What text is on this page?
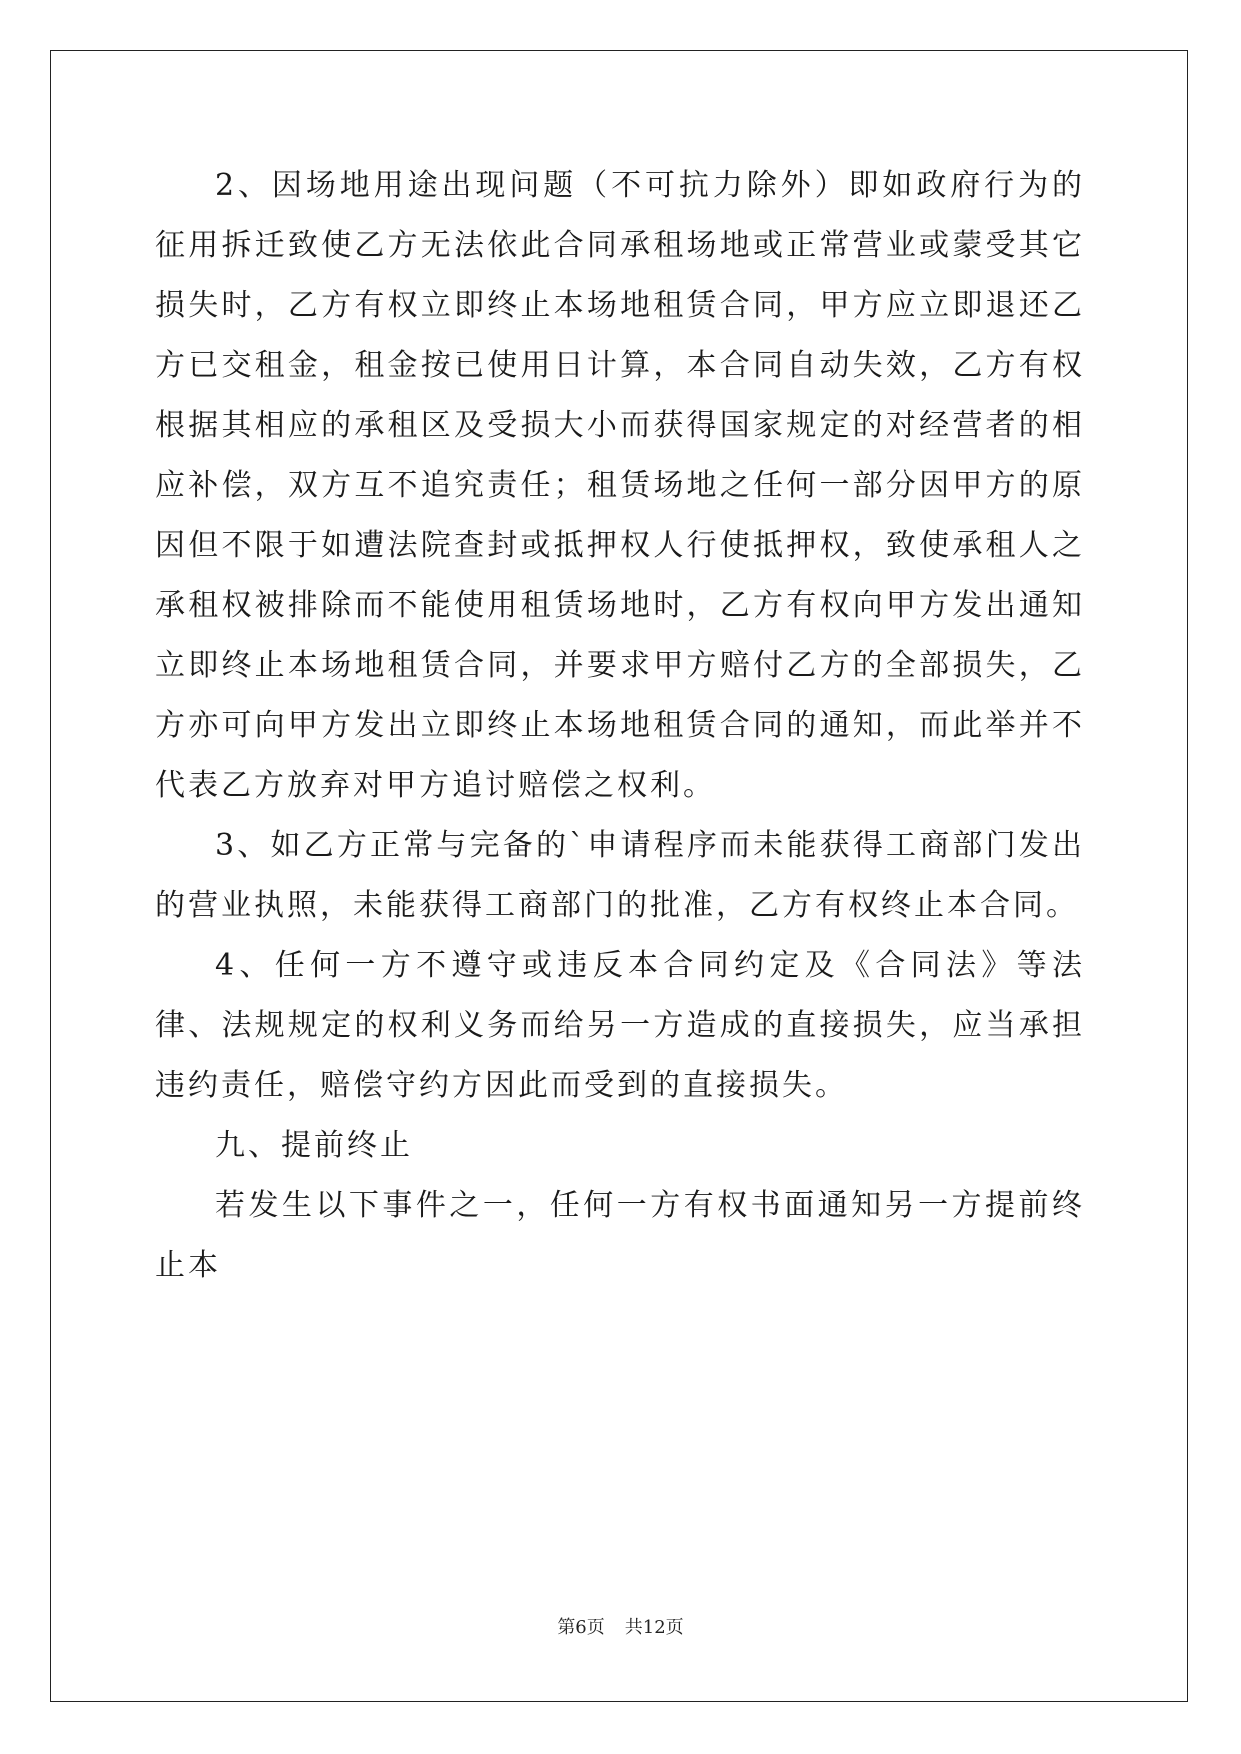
2、因场地用途出现问题（不可抗力除外）即如政府行为的征用拆迁致使乙方无法依此合同承租场地或正常营业或蒙受其它损失时，乙方有权立即终止本场地租赁合同，甲方应立即退还乙方已交租金，租金按已使用日计算，本合同自动失效，乙方有权根据其相应的承租区及受损大小而获得国家规定的对经营者的相应补偿，双方互不追究责任；租赁场地之任何一部分因甲方的原因但不限于如遭法院查封或抵押权人行使抵押权，致使承租人之承租权被排除而不能使用租赁场地时，乙方有权向甲方发出通知立即终止本场地租赁合同，并要求甲方赔付乙方的全部损失，乙方亦可向甲方发出立即终止本场地租赁合同的通知，而此举并不代表乙方放弃对甲方追讨赔偿之权利。

3、如乙方正常与完备的`申请程序而未能获得工商部门发出的营业执照，未能获得工商部门的批准，乙方有权终止本合同。

4、任何一方不遵守或违反本合同约定及《合同法》等法律、法规规定的权利义务而给另一方造成的直接损失，应当承担违约责任，赔偿守约方因此而受到的直接损失。

九、提前终止

若发生以下事件之一，任何一方有权书面通知另一方提前终止本

第6页 共12页
